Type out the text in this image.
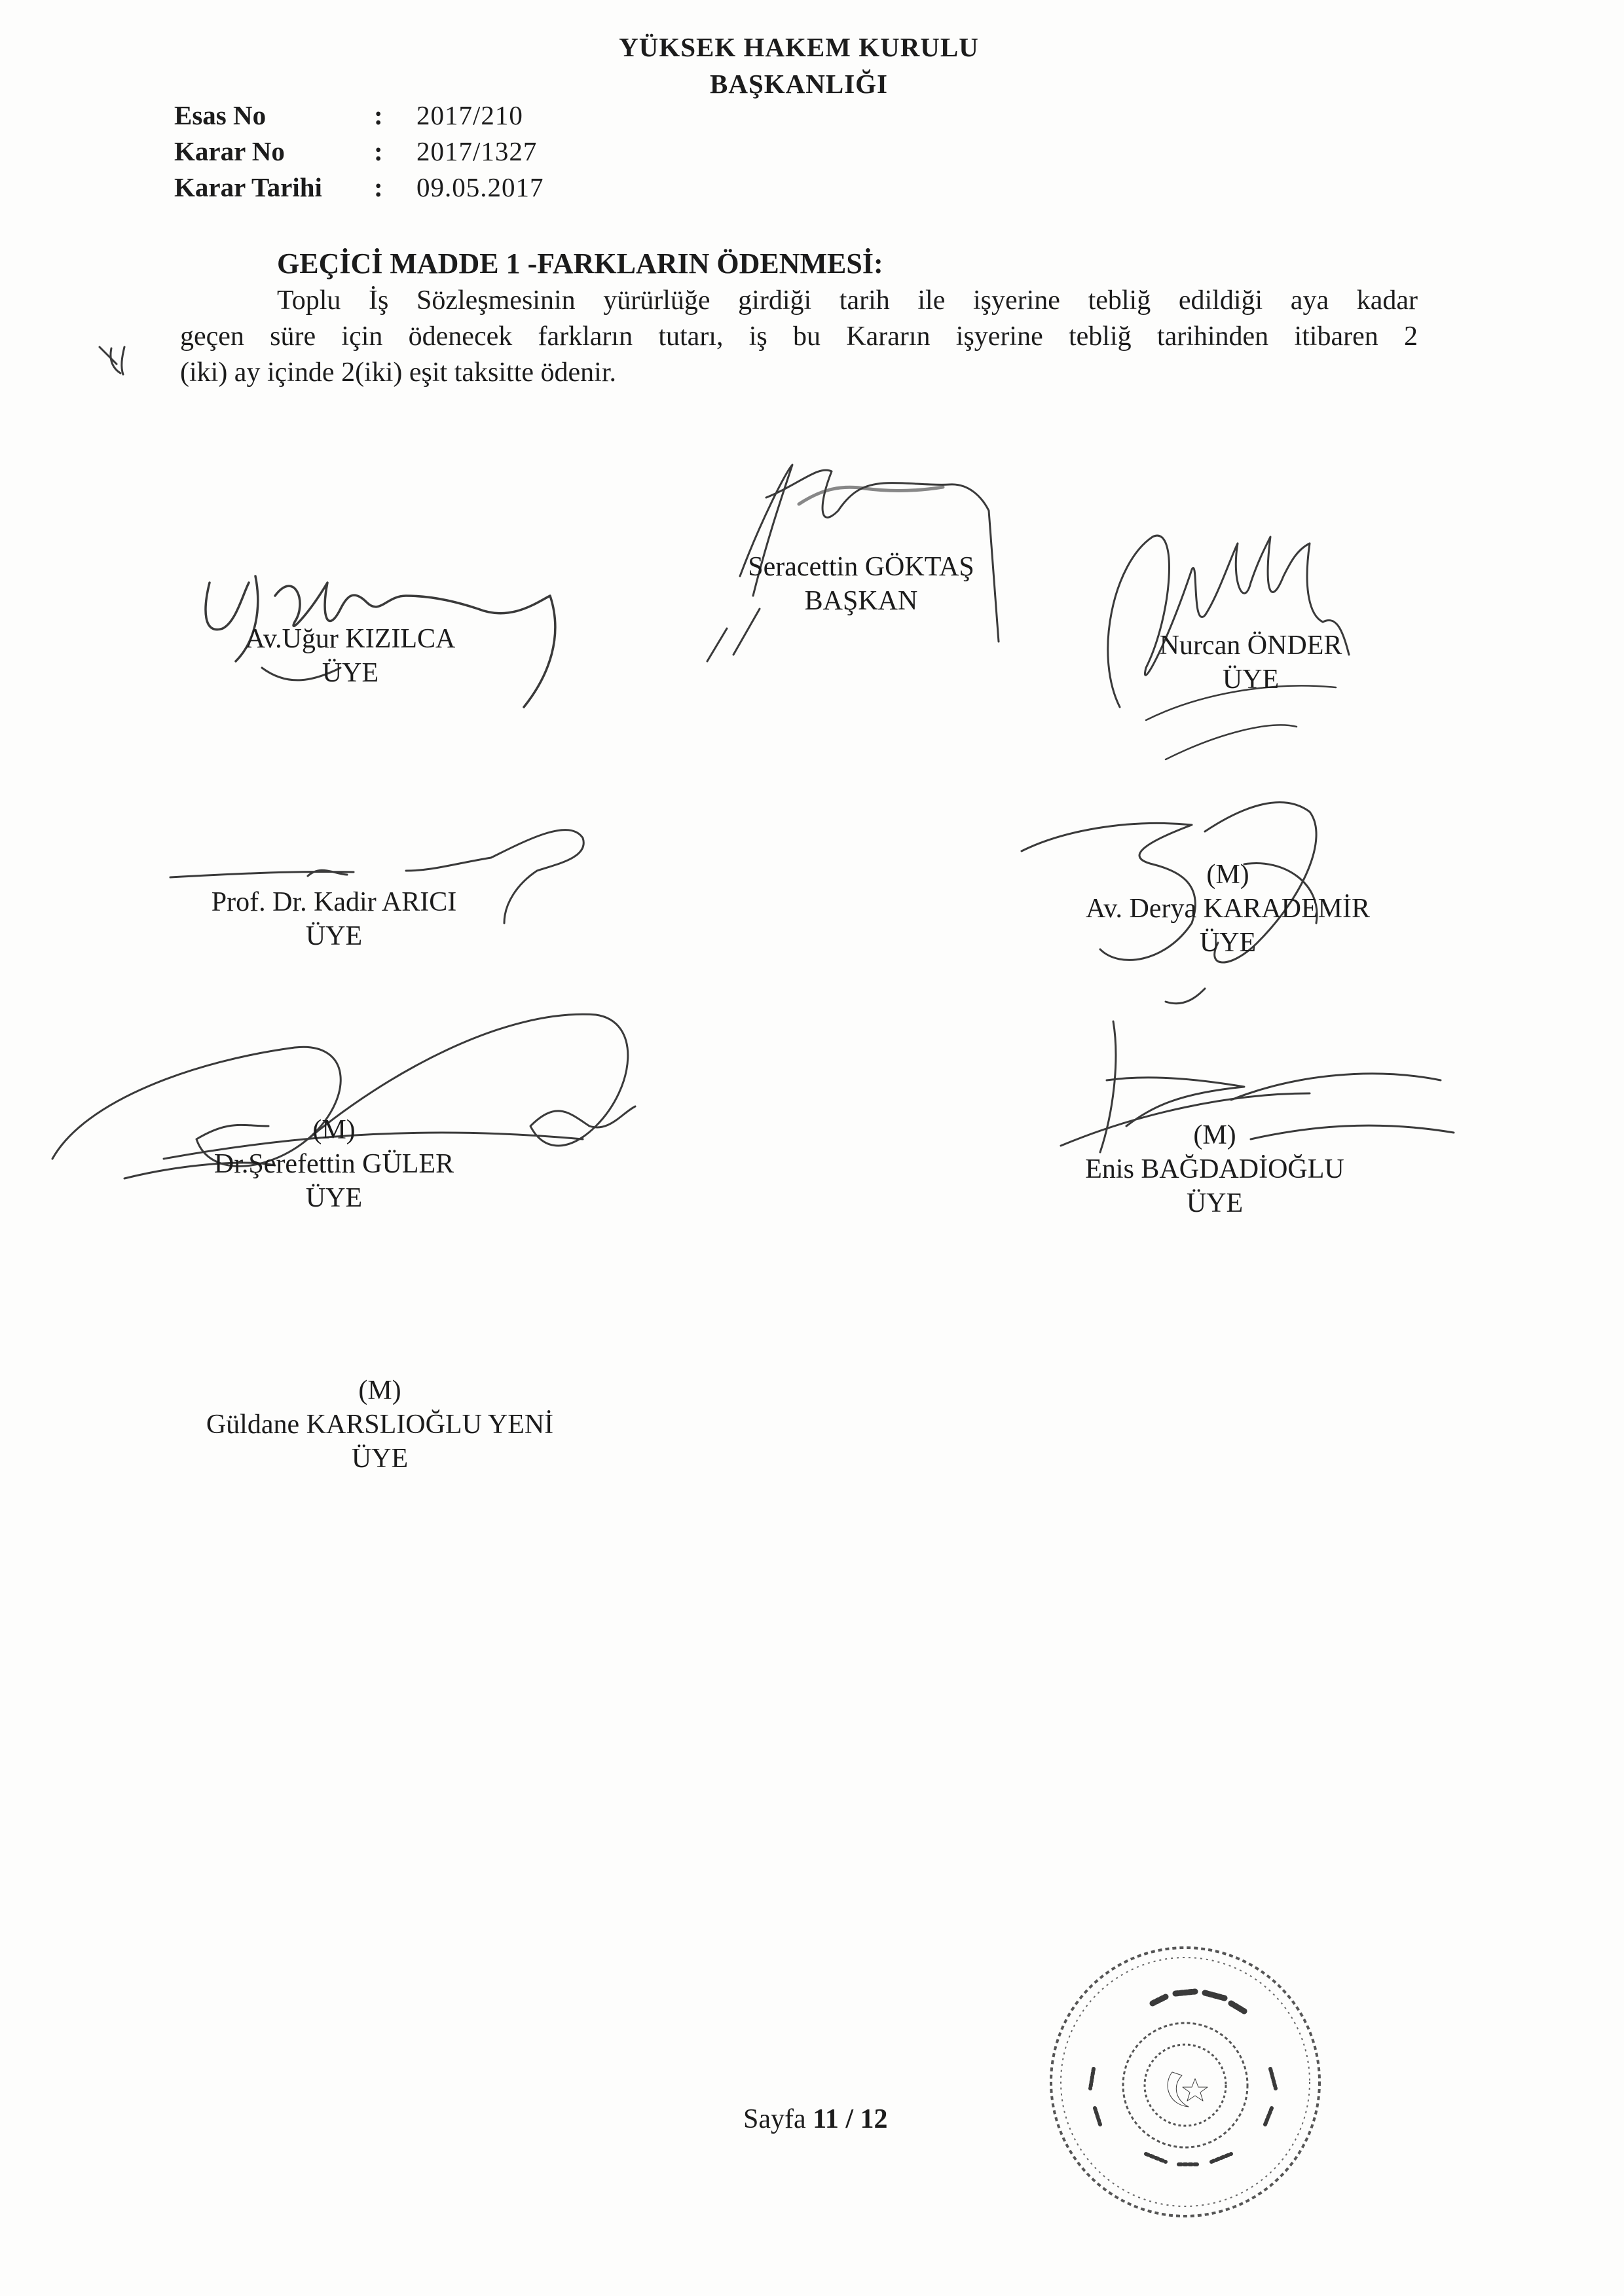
YÜKSEK HAKEM KURULU
BAŞKANLIĞI
Esas No	: 2017/210
Karar No	: 2017/1327
Karar Tarihi : 09.05.2017
GEÇİCİ MADDE 1 -FARKLARIN ÖDENMESİ:
Toplu İş Sözleşmesinin yürürlüğe girdiği tarih ile işyerine tebliğ edildiği aya kadar
geçen süre için ödenecek farkların tutarı, iş bu Kararın işyerine tebliğ tarihinden itibaren 2
(iki) ay içinde 2(iki) eşit taksitte ödenir.
Seracettin GÖKTAŞ
BAŞKAN
Av.Uğur KIZILCA
ÜYE
Nurcan ÖNDER
ÜYE
Prof. Dr. Kadir ARICI
ÜYE
(M)
Av. Derya KARADEMİR
ÜYE
(M)
Dr.Şerefettin GÜLER
ÜYE
(M)
Enis BAĞDADİOĞLU
ÜYE
(M)
Güldane KARSLIOĞLU YENİ
ÜYE
Sayfa 11 / 12
